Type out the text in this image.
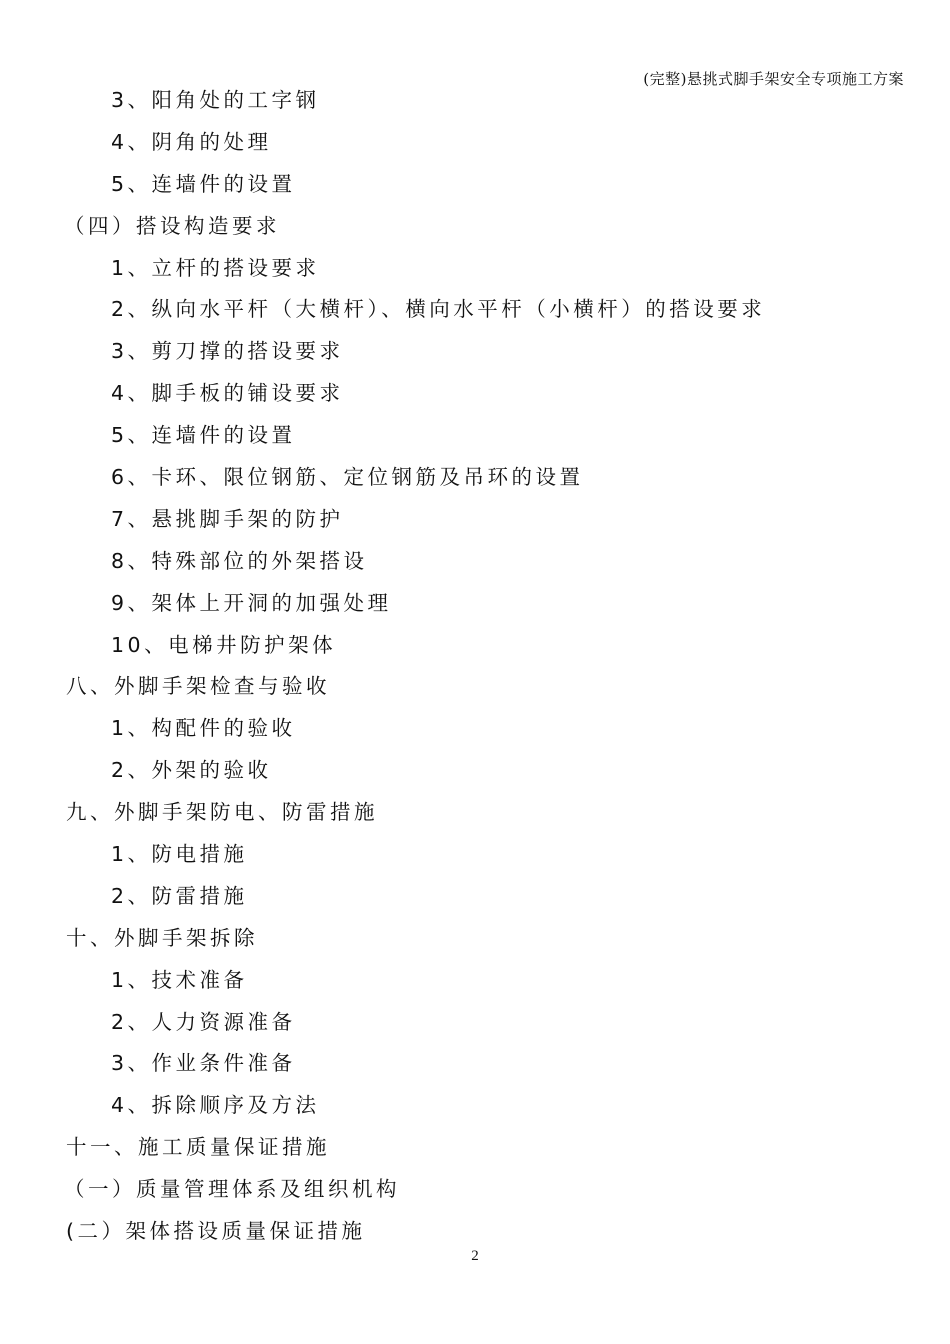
(完整)悬挑式脚手架安全专项施工方案
3、阳角处的工字钢
4、阴角的处理
5、连墙件的设置
（四）搭设构造要求
1、立杆的搭设要求
2、纵向水平杆（大横杆）、横向水平杆（小横杆）的搭设要求
3、剪刀撑的搭设要求
4、脚手板的铺设要求
5、连墙件的设置
6、卡环、限位钢筋、定位钢筋及吊环的设置
7、悬挑脚手架的防护
8、特殊部位的外架搭设
9、架体上开洞的加强处理
10、电梯井防护架体
八、外脚手架检查与验收
1、构配件的验收
2、外架的验收
九、外脚手架防电、防雷措施
1、防电措施
2、防雷措施
十、外脚手架拆除
1、技术准备
2、人力资源准备
3、作业条件准备
4、拆除顺序及方法
十一、施工质量保证措施
（一）质量管理体系及组织机构
(二）架体搭设质量保证措施
2
